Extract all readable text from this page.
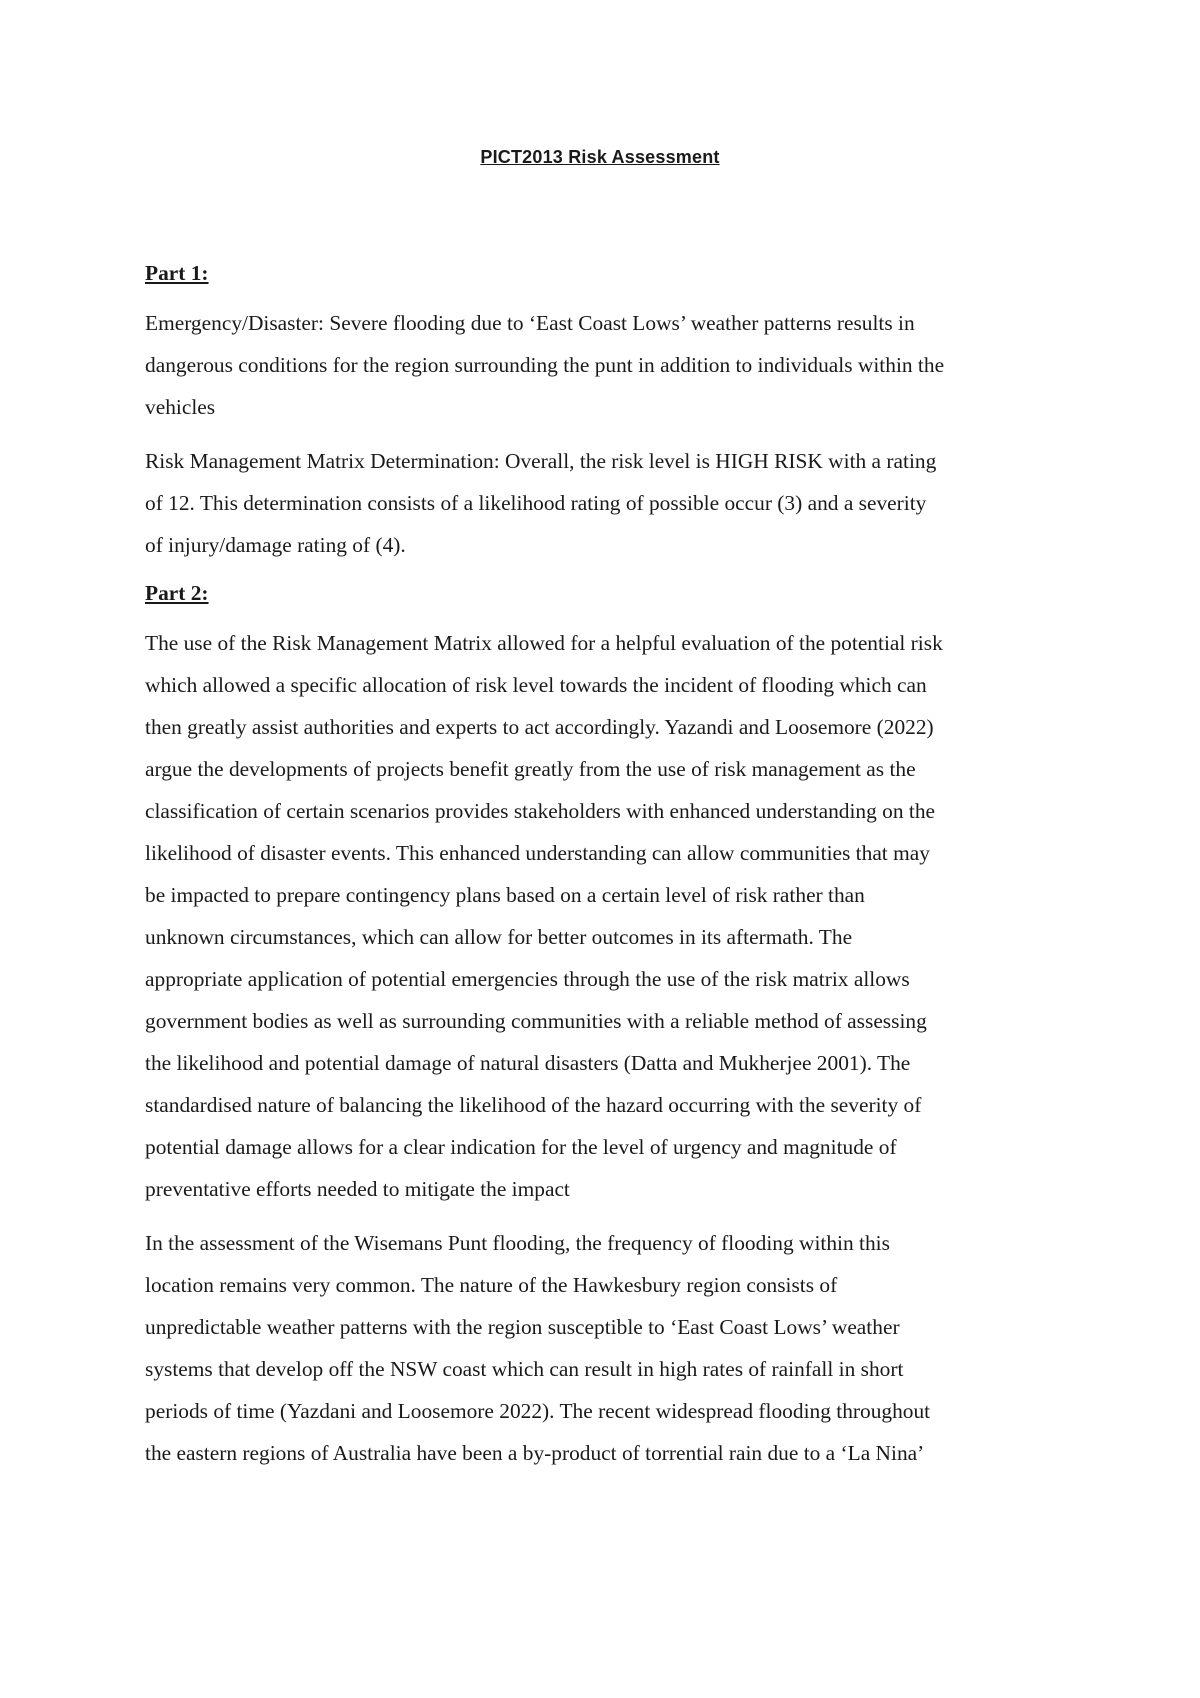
PICT2013 Risk Assessment
Part 1:
Emergency/Disaster: Severe flooding due to ‘East Coast Lows’ weather patterns results in
dangerous conditions for the region surrounding the punt in addition to individuals within the
vehicles
Risk Management Matrix Determination: Overall, the risk level is HIGH RISK with a rating
of 12. This determination consists of a likelihood rating of possible occur (3) and a severity
of injury/damage rating of (4).
Part 2:
The use of the Risk Management Matrix allowed for a helpful evaluation of the potential risk
which allowed a specific allocation of risk level towards the incident of flooding which can
then greatly assist authorities and experts to act accordingly. Yazandi and Loosemore (2022)
argue the developments of projects benefit greatly from the use of risk management as the
classification of certain scenarios provides stakeholders with enhanced understanding on the
likelihood of disaster events. This enhanced understanding can allow communities that may
be impacted to prepare contingency plans based on a certain level of risk rather than
unknown circumstances, which can allow for better outcomes in its aftermath. The
appropriate application of potential emergencies through the use of the risk matrix allows
government bodies as well as surrounding communities with a reliable method of assessing
the likelihood and potential damage of natural disasters (Datta and Mukherjee 2001). The
standardised nature of balancing the likelihood of the hazard occurring with the severity of
potential damage allows for a clear indication for the level of urgency and magnitude of
preventative efforts needed to mitigate the impact
In the assessment of the Wisemans Punt flooding, the frequency of flooding within this
location remains very common. The nature of the Hawkesbury region consists of
unpredictable weather patterns with the region susceptible to ‘East Coast Lows’ weather
systems that develop off the NSW coast which can result in high rates of rainfall in short
periods of time (Yazdani and Loosemore 2022). The recent widespread flooding throughout
the eastern regions of Australia have been a by-product of torrential rain due to a ‘La Nina’
